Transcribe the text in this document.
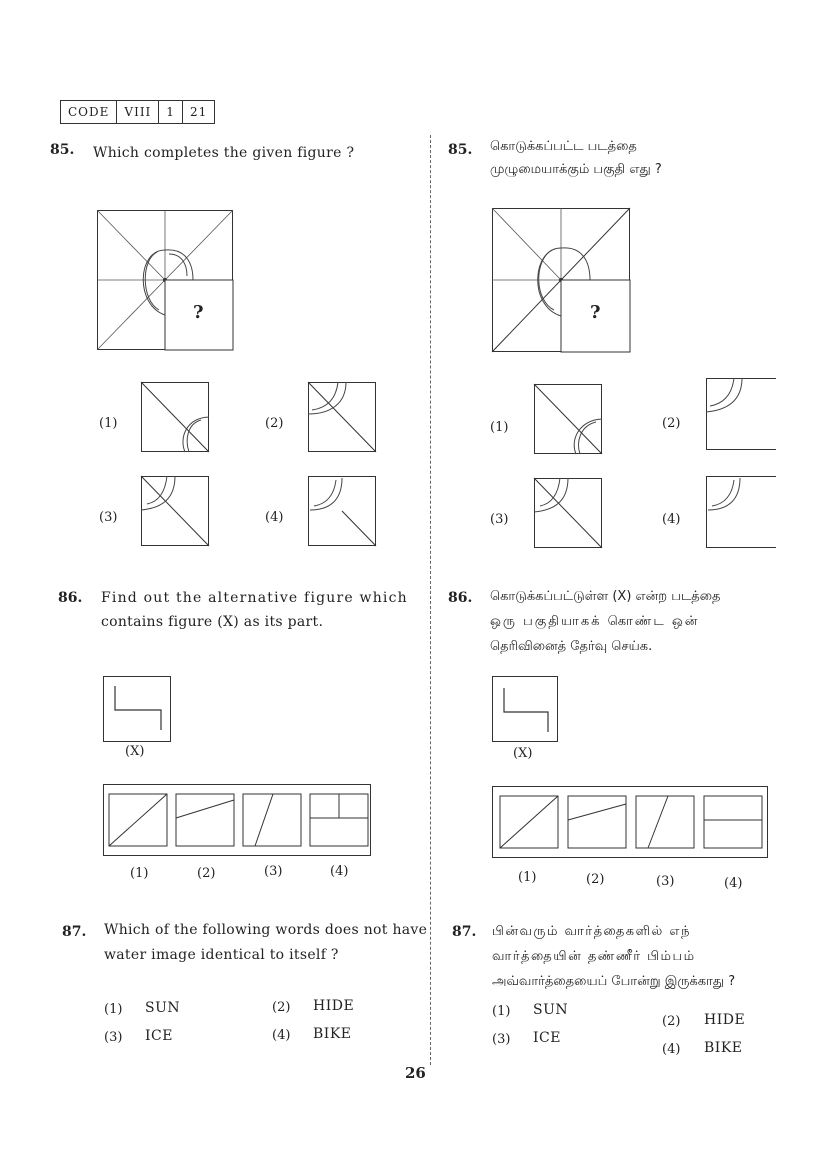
CODE	VIII	1	21
85. Which completes the given figure ?
?
(1)	(2)
(3)	(4)
86. Find out the alternative figure which
contains figure (X) as its part.
(X)
(1)	(2)	(3)	(4)
87. Which of the following words does not have
water image identical to itself ?
(1) SUN	(2) HIDE
(3) ICE	(4) BIKE
85. கொடுக்கப்பட்ட படத்தை
முழுமையாக்கும் பகுதி எது ?
?
(1)	(2)
(3)	(4)
86. கொடுக்கப்பட்டுள்ள (X) என்ற படத்தை
ஒரு பகுதியாகக் கொண்ட ஒன்
தெரிவினைத் தேர்வு செய்க.
(X)
(1)	(2)	(3)	(4)
87. பின்வரும் வார்த்தைகளில் எந்
வார்த்தையின் தண்ணீர் பிம்பம்
அவ்வார்த்தையைப் போன்று இருக்காது ?
(1) SUN
(2) HIDE
(3) ICE
(4) BIKE
26
